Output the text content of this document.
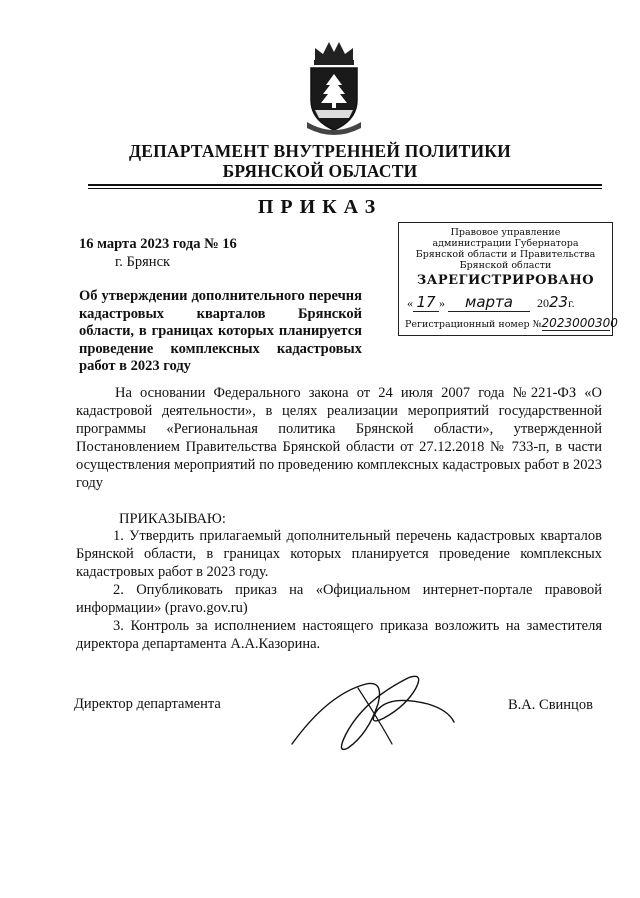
ДЕПАРТАМЕНТ ВНУТРЕННЕЙ ПОЛИТИКИ
БРЯНСКОЙ ОБЛАСТИ
ПРИКАЗ
16 марта 2023 года № 16
г. Брянск
Об утверждении дополнительного перечня кадастровых кварталов Брянской области, в границах которых планируется проведение комплексных кадастровых работ в 2023 году
Правовое управление
администрации Губернатора
Брянской области и Правительства
Брянской области
ЗАРЕГИСТРИРОВАНО
« 17 » марта 2023г.
Регистрационный номер №2023000300
На основании Федерального закона от 24 июля 2007 года №221-ФЗ «О кадастровой деятельности», в целях реализации мероприятий государственной программы «Региональная политика Брянской области», утвержденной Постановлением Правительства Брянской области от 27.12.2018 № 733-п, в части осуществления мероприятий по проведению комплексных кадастровых работ в 2023 году
ПРИКАЗЫВАЮ:

1. Утвердить прилагаемый дополнительный перечень кадастровых кварталов Брянской области, в границах которых планируется проведение комплексных кадастровых работ в 2023 году.

2. Опубликовать приказ на «Официальном интернет-портале правовой информации» (pravo.gov.ru)

3. Контроль за исполнением настоящего приказа возложить на заместителя директора департамента А.А.Казорина.

Директор департамента	В.А. Свинцов
